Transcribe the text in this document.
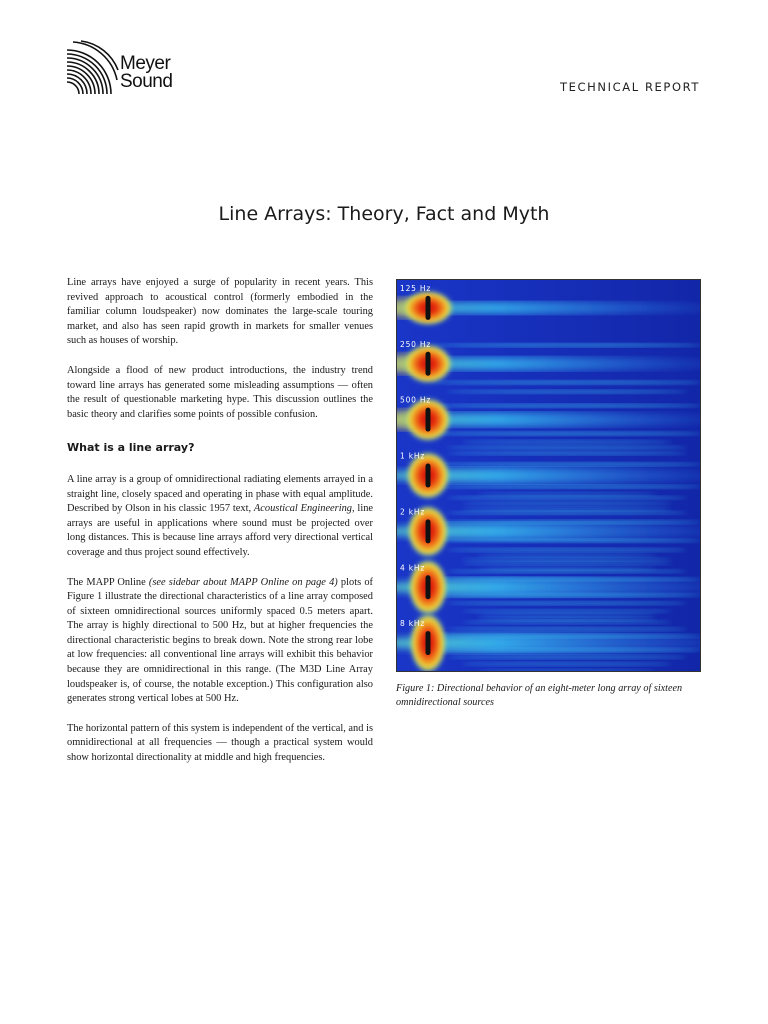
Meyer
Sound	TECHNICAL REPORT
Line Arrays: Theory, Fact and Myth

Line arrays have enjoyed a surge of popularity in recent years. This revived approach to acoustical control (formerly embodied in the familiar column loudspeaker) now dominates the large-scale touring market, and also has seen rapid growth in markets for smaller venues such as houses of worship.

Alongside a flood of new product introductions, the industry trend toward line arrays has generated some misleading assumptions — often the result of questionable marketing hype. This discussion outlines the basic theory and clarifies some points of possible confusion.

What is a line array?

A line array is a group of omnidirectional radiating elements arrayed in a straight line, closely spaced and operating in phase with equal amplitude. Described by Olson in his classic 1957 text, Acoustical Engineering, line arrays are useful in applications where sound must be projected over long distances. This is because line arrays afford very directional vertical coverage and thus project sound effectively.

The MAPP Online (see sidebar about MAPP Online on page 4) plots of Figure 1 illustrate the directional characteristics of a line array composed of sixteen omnidirectional sources uniformly spaced 0.5 meters apart. The array is highly directional to 500 Hz, but at higher frequencies the directional characteristic begins to break down. Note the strong rear lobe at low frequencies: all conventional line arrays will exhibit this behavior because they are omnidirectional in this range. (The M3D Line Array loudspeaker is, of course, the notable exception.) This configuration also generates strong vertical lobes at 500 Hz.

The horizontal pattern of this system is independent of the vertical, and is omnidirectional at all frequencies — though a practical system would show horizontal directionality at middle and high frequencies.

125 Hz
250 Hz
500 Hz
1 kHz
2 kHz
4 kHz
8 kHz
Figure 1: Directional behavior of an eight-meter long array of sixteen omnidirectional sources
